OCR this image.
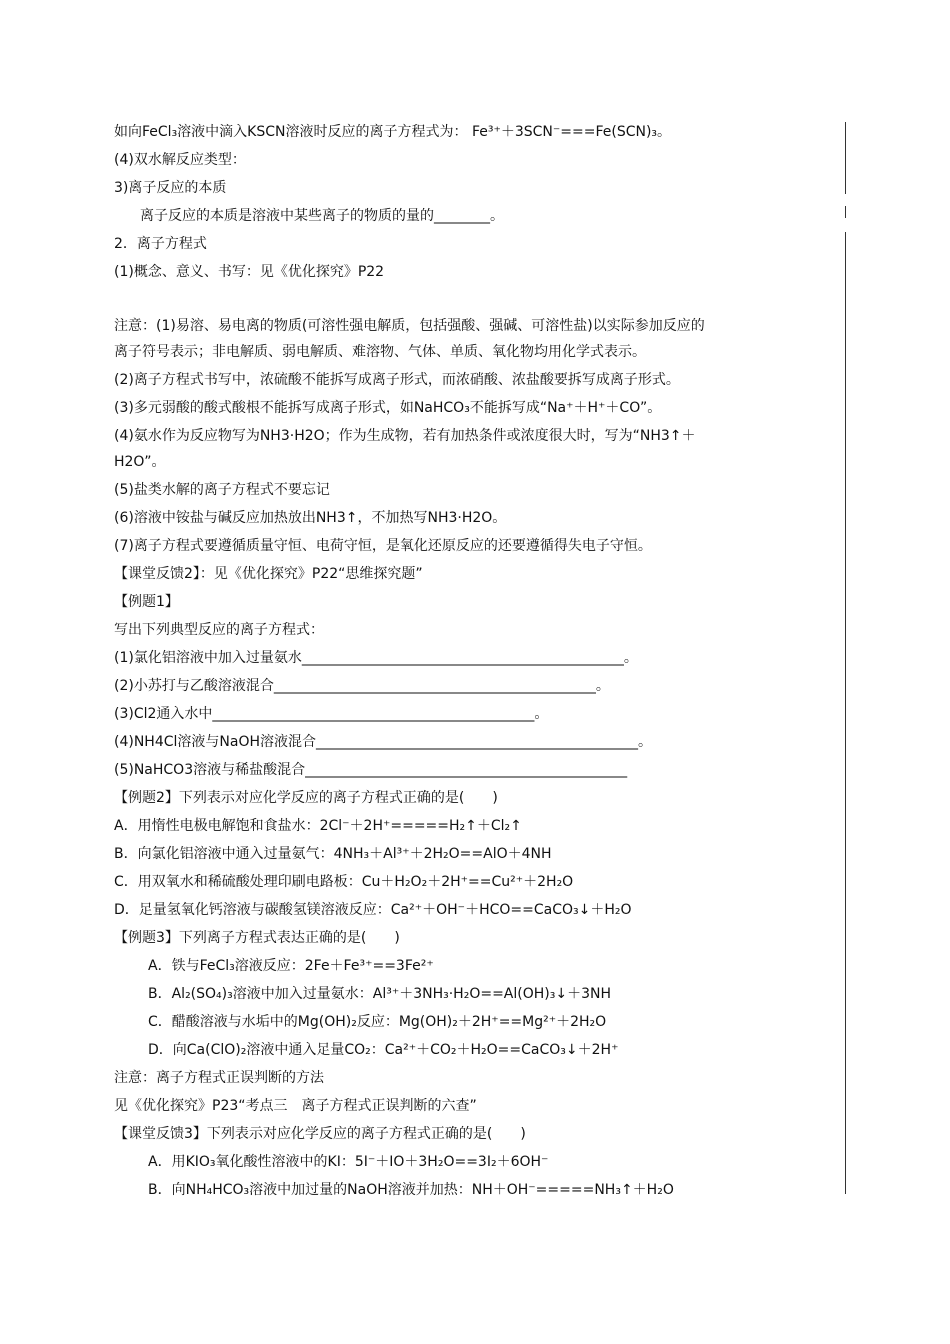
如向FeCl₃溶液中滴入KSCN溶液时反应的离子方程式为： Fe³⁺＋3SCN⁻===Fe(SCN)₃。
(4)双水解反应类型：
3)离子反应的本质
离子反应的本质是溶液中某些离子的物质的量的________。
2．离子方程式
(1)概念、意义、书写：见《优化探究》P22
注意：(1)易溶、易电离的物质(可溶性强电解质，包括强酸、强碱、可溶性盐)以实际参加反应的
离子符号表示；非电解质、弱电解质、难溶物、气体、单质、氧化物均用化学式表示。
(2)离子方程式书写中，浓硫酸不能拆写成离子形式，而浓硝酸、浓盐酸要拆写成离子形式。
(3)多元弱酸的酸式酸根不能拆写成离子形式，如NaHCO₃不能拆写成“Na⁺＋H⁺＋CO”。
(4)氨水作为反应物写为NH3·H2O；作为生成物，若有加热条件或浓度很大时，写为“NH3↑＋
H2O”。
(5)盐类水解的离子方程式不要忘记
(6)溶液中铵盐与碱反应加热放出NH3↑，不加热写NH3·H2O。
(7)离子方程式要遵循质量守恒、电荷守恒，是氧化还原反应的还要遵循得失电子守恒。
【课堂反馈2】：见《优化探究》P22“思维探究题”
【例题1】
写出下列典型反应的离子方程式：
(1)氯化铝溶液中加入过量氨水______________________________________________。
(2)小苏打与乙酸溶液混合______________________________________________。
(3)Cl2通入水中______________________________________________。
(4)NH4Cl溶液与NaOH溶液混合______________________________________________。
(5)NaHCO3溶液与稀盐酸混合______________________________________________
【例题2】下列表示对应化学反应的离子方程式正确的是(　　)
A．用惰性电极电解饱和食盐水：2Cl⁻＋2H⁺=====H₂↑＋Cl₂↑
B．向氯化铝溶液中通入过量氨气：4NH₃＋Al³⁺＋2H₂O==AlO＋4NH
C．用双氧水和稀硫酸处理印刷电路板：Cu＋H₂O₂＋2H⁺==Cu²⁺＋2H₂O
D．足量氢氧化钙溶液与碳酸氢镁溶液反应：Ca²⁺＋OH⁻＋HCO==CaCO₃↓＋H₂O
【例题3】下列离子方程式表达正确的是(　　)
A．铁与FeCl₃溶液反应：2Fe＋Fe³⁺==3Fe²⁺
B．Al₂(SO₄)₃溶液中加入过量氨水：Al³⁺＋3NH₃·H₂O==Al(OH)₃↓＋3NH
C．醋酸溶液与水垢中的Mg(OH)₂反应：Mg(OH)₂＋2H⁺==Mg²⁺＋2H₂O
D．向Ca(ClO)₂溶液中通入足量CO₂：Ca²⁺＋CO₂＋H₂O==CaCO₃↓＋2H⁺
注意：离子方程式正误判断的方法
见《优化探究》P23“考点三　离子方程式正误判断的六查”
【课堂反馈3】下列表示对应化学反应的离子方程式正确的是(　　)
A．用KIO₃氧化酸性溶液中的KI：5I⁻＋IO＋3H₂O==3I₂＋6OH⁻
B．向NH₄HCO₃溶液中加过量的NaOH溶液并加热：NH＋OH⁻=====NH₃↑＋H₂O
